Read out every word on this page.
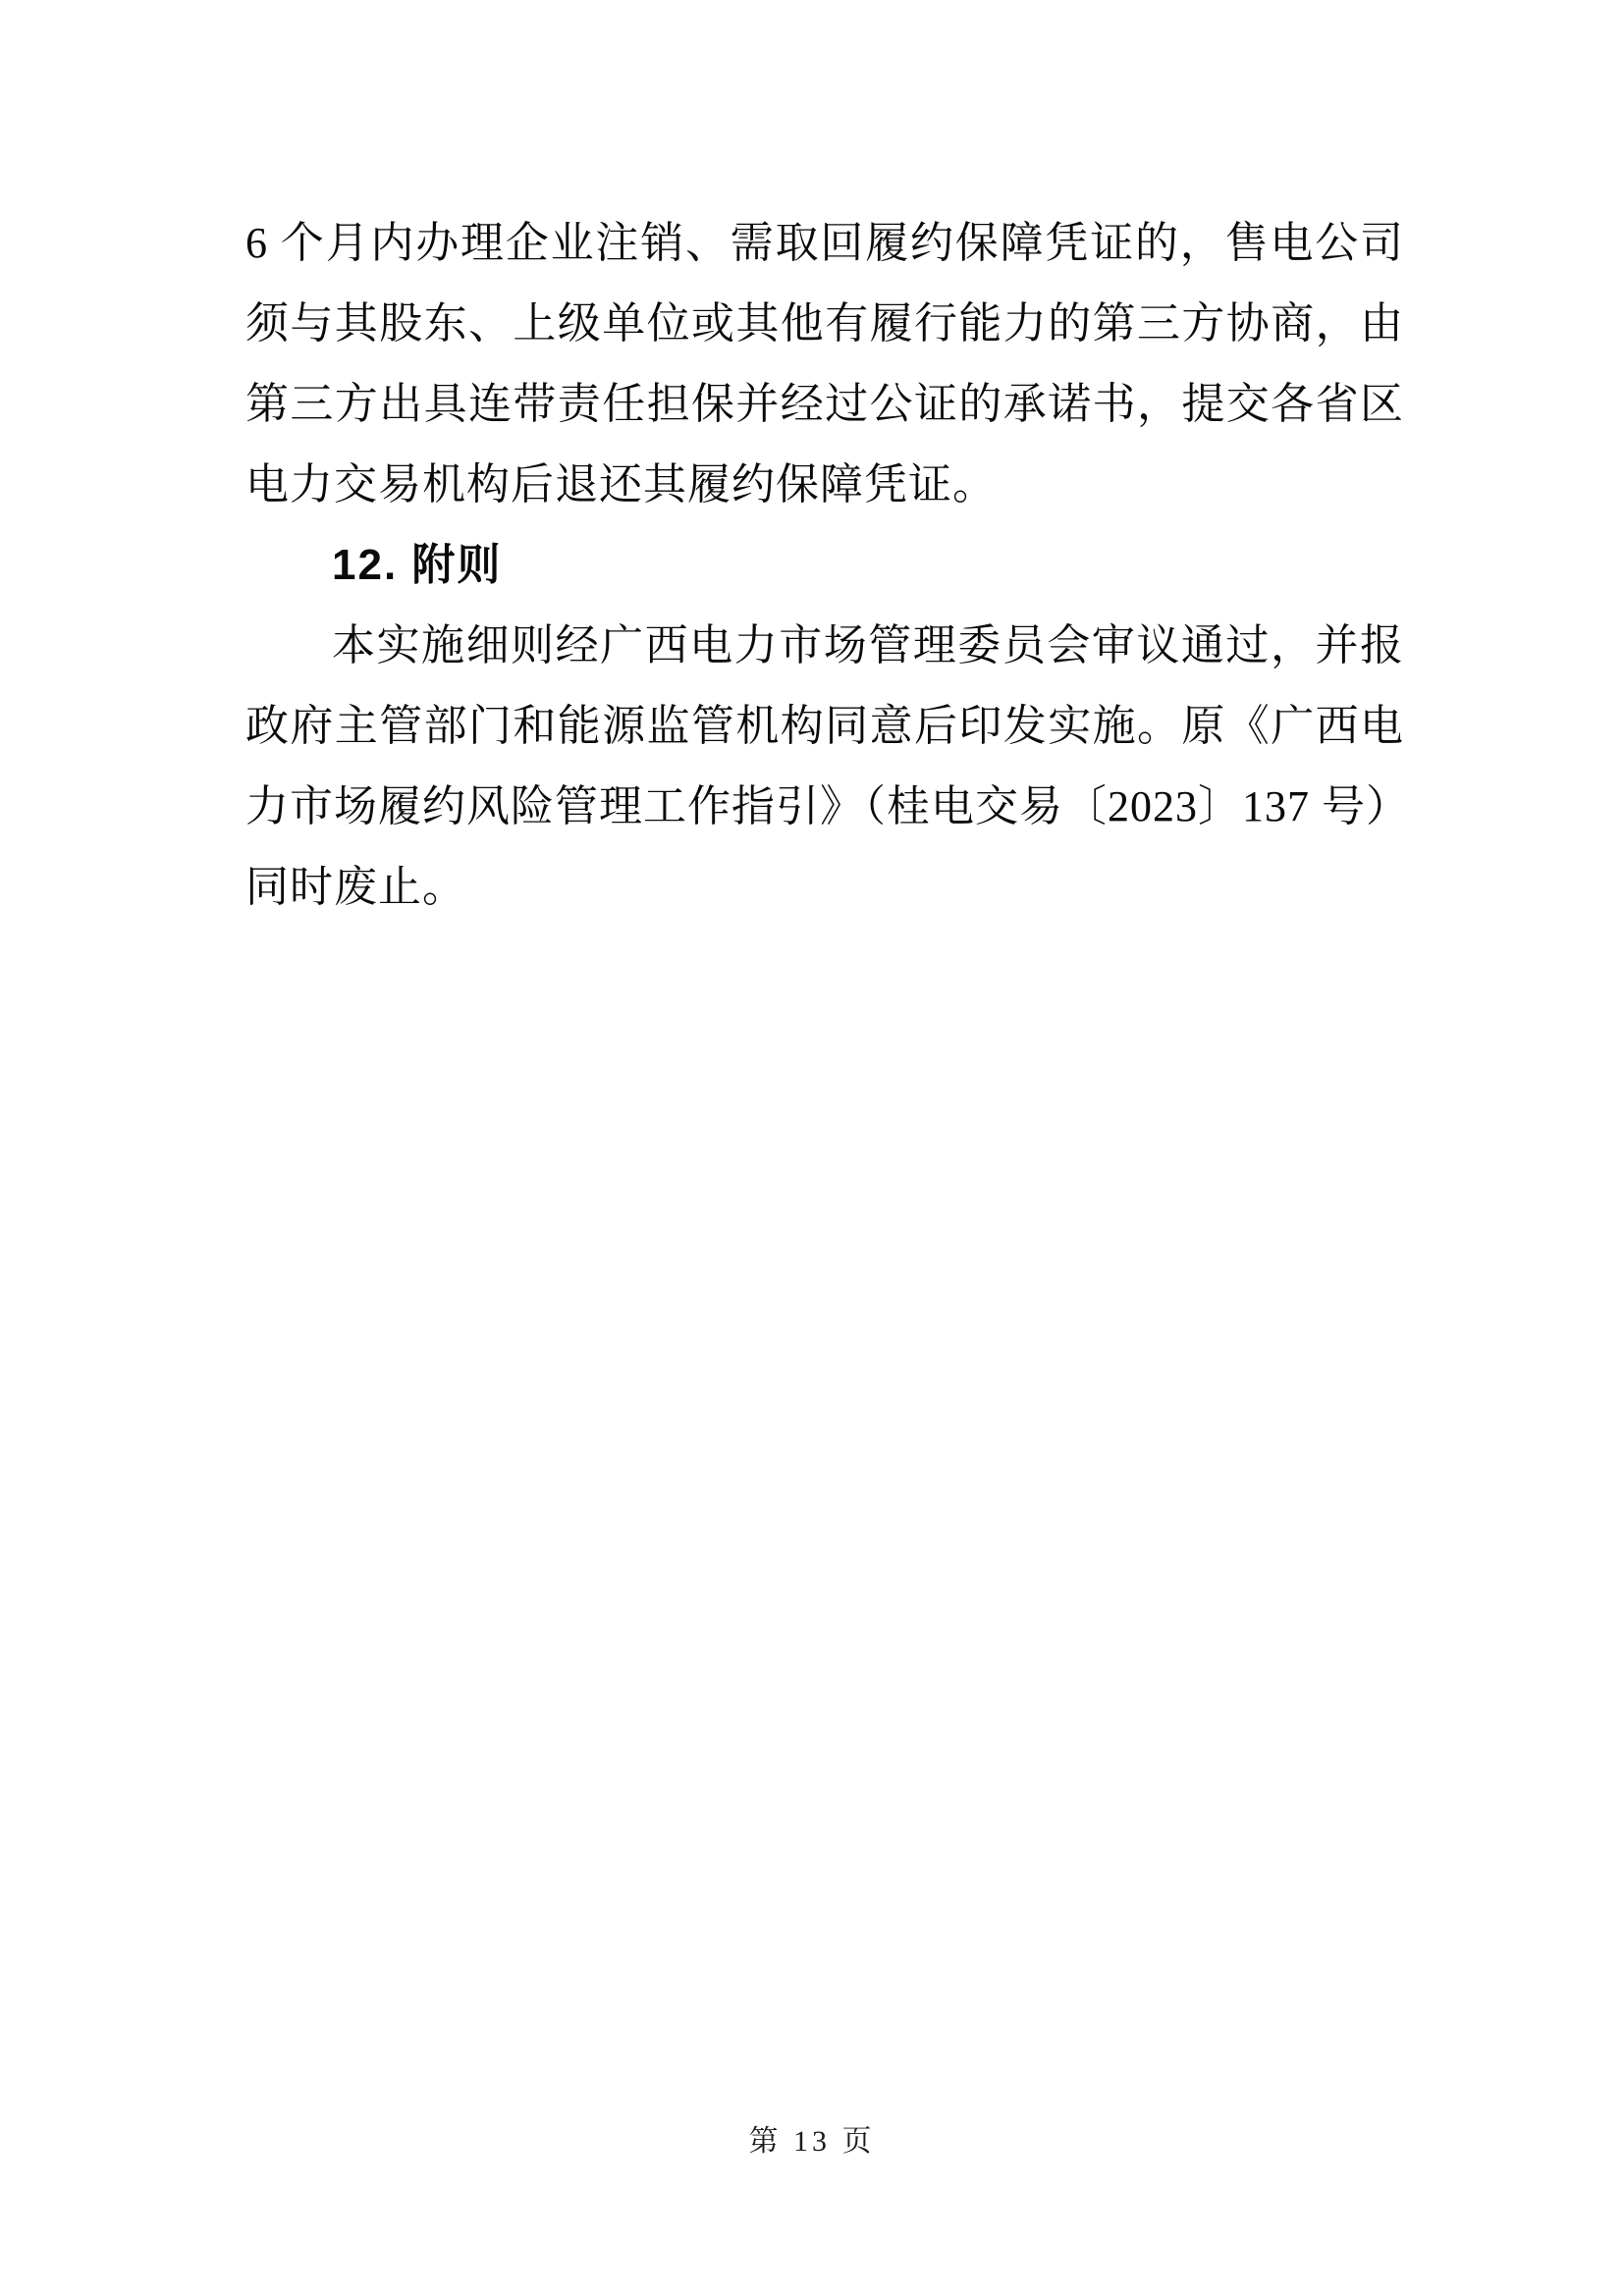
6 个月内办理企业注销、需取回履约保障凭证的，售电公司

须与其股东、上级单位或其他有履行能力的第三方协商，由

第三方出具连带责任担保并经过公证的承诺书，提交各省区

电力交易机构后退还其履约保障凭证。

12. 附则

本实施细则经广西电力市场管理委员会审议通过，并报

政府主管部门和能源监管机构同意后印发实施。原《广西电

力市场履约风险管理工作指引》（桂电交易〔2023〕137 号）

同时废止。

第 13 页
